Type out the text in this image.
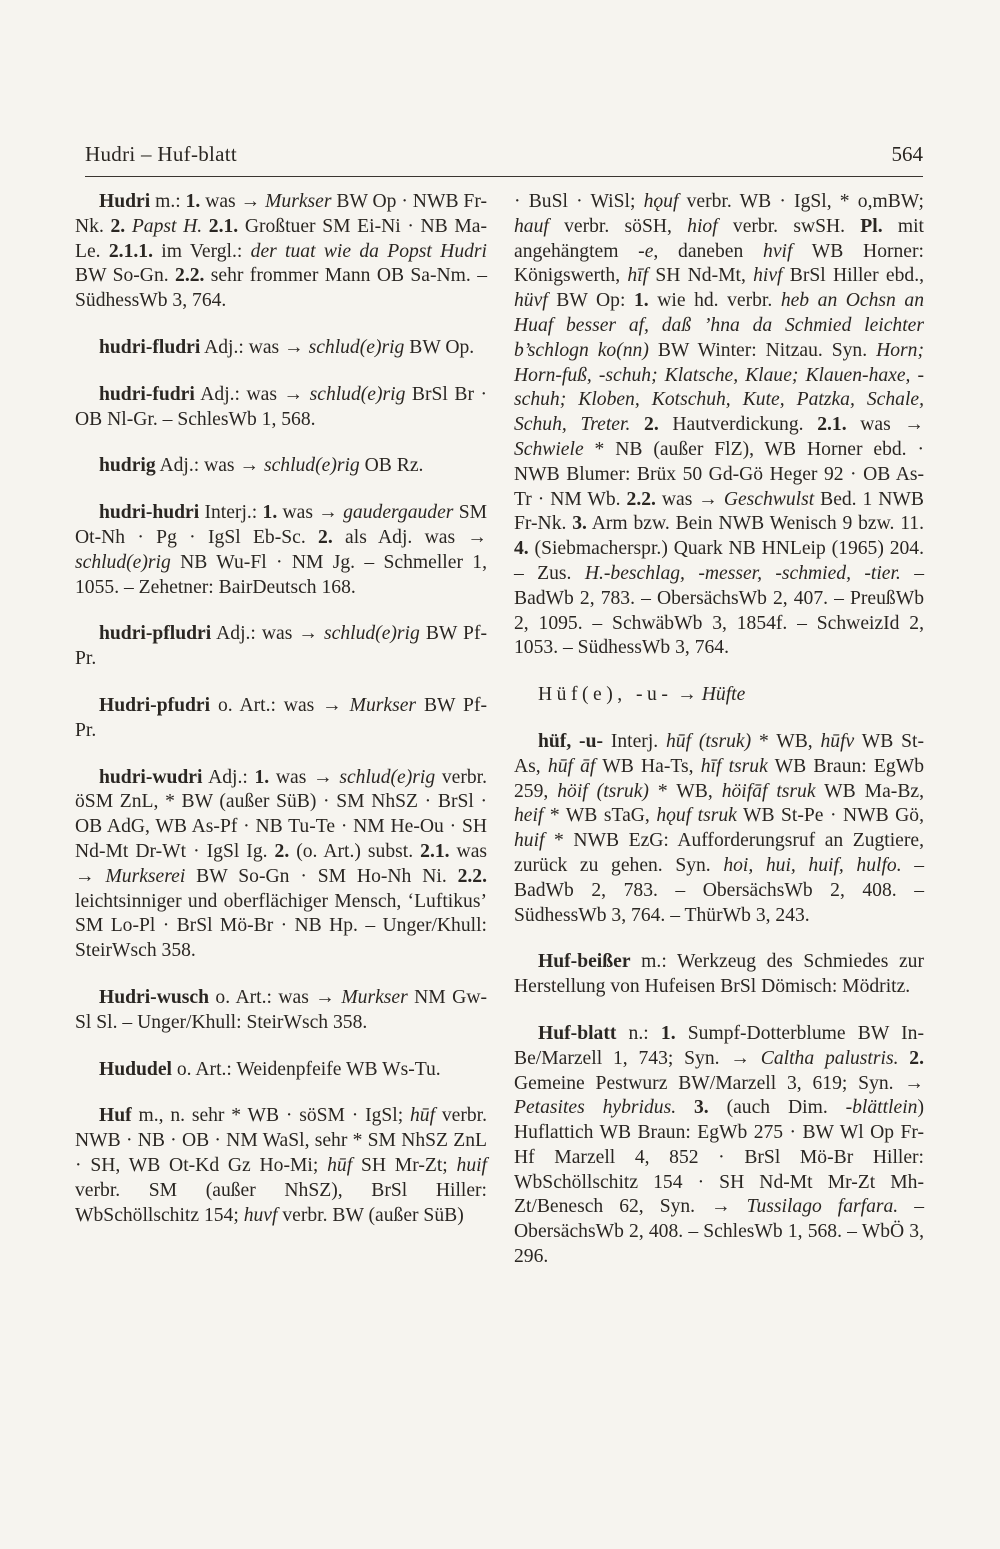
Hudri – Huf-blatt	564

Hudri m.: 1. was → Murkser BW Op · NWB Fr-Nk. 2. Papst H. 2.1. Großtuer SM Ei-Ni · NB Ma-Le. 2.1.1. im Vergl.: der tuat wie da Popst Hudri BW So-Gn. 2.2. sehr frommer Mann OB Sa-Nm. – SüdhessWb 3, 764.

hudri-fludri Adj.: was → schlud(e)rig BW Op.

hudri-fudri Adj.: was → schlud(e)rig BrSl Br · OB Nl-Gr. – SchlesWb 1, 568.

hudrig Adj.: was → schlud(e)rig OB Rz.

hudri-hudri Interj.: 1. was → gaudergauder SM Ot-Nh · Pg · IgSl Eb-Sc. 2. als Adj. was → schlud(e)rig NB Wu-Fl · NM Jg. – Schmeller 1, 1055. – Zehetner: BairDeutsch 168.

hudri-pfludri Adj.: was → schlud(e)rig BW Pf-Pr.

Hudri-pfudri o. Art.: was → Murkser BW Pf-Pr.

hudri-wudri Adj.: 1. was → schlud(e)rig verbr. öSM ZnL, * BW (außer SüB) · SM NhSZ · BrSl · OB AdG, WB As-Pf · NB Tu-Te · NM He-Ou · SH Nd-Mt Dr-Wt · IgSl Ig. 2. (o. Art.) subst. 2.1. was → Murkserei BW So-Gn · SM Ho-Nh Ni. 2.2. leichtsinniger und oberflächiger Mensch, ‘Luftikus’ SM Lo-Pl · BrSl Mö-Br · NB Hp. – Unger/Khull: SteirWsch 358.

Hudri-wusch o. Art.: was → Murkser NM Gw-Sl Sl. – Unger/Khull: SteirWsch 358.

Hududel o. Art.: Weidenpfeife WB Ws-Tu.

Huf m., n. sehr * WB · söSM · IgSl; hūf verbr. NWB · NB · OB · NM WaSl, sehr * SM NhSZ ZnL · SH, WB Ot-Kd Gz Ho-Mi; hūf SH Mr-Zt; huif verbr. SM (außer NhSZ), BrSl Hiller: WbSchöllschitz 154; huvf verbr. BW (außer SüB)

· BuSl · WiSl; hǫuf verbr. WB · IgSl, * o,mBW; hauf verbr. söSH, hiof verbr. swSH. Pl. mit angehängtem -e, daneben hvif WB Horner: Königswerth, hīf SH Nd-Mt, hivf BrSl Hiller ebd., hüvf BW Op: 1. wie hd. verbr. heb an Ochsn an Huaf besser af, daß ’hna da Schmied leichter b’schlogn ko(nn) BW Winter: Nitzau. Syn. Horn; Horn-fuß, -schuh; Klatsche, Klaue; Klauen-haxe, -schuh; Kloben, Kotschuh, Kute, Patzka, Schale, Schuh, Treter. 2. Hautverdickung. 2.1. was → Schwiele * NB (außer FlZ), WB Horner ebd. · NWB Blumer: Brüx 50 Gd-Gö Heger 92 · OB As-Tr · NM Wb. 2.2. was → Geschwulst Bed. 1 NWB Fr-Nk. 3. Arm bzw. Bein NWB Wenisch 9 bzw. 11. 4. (Siebmacherspr.) Quark NB HNLeip (1965) 204. – Zus. H.-beschlag, -messer, -schmied, -tier. – BadWb 2, 783. – ObersächsWb 2, 407. – PreußWb 2, 1095. – SchwäbWb 3, 1854f. – SchweizId 2, 1053. – SüdhessWb 3, 764.

Hüf(e), -u- → Hüfte

hüf, -u- Interj. hūf (tsruk) * WB, hūfv WB St-As, hūf āf WB Ha-Ts, hīf tsruk WB Braun: EgWb 259, höif (tsruk) * WB, höifāf tsruk WB Ma-Bz, heif * WB sTaG, hǫuf tsruk WB St-Pe · NWB Gö, huif * NWB EzG: Aufforderungsruf an Zugtiere, zurück zu gehen. Syn. hoi, hui, huif, hulfo. – BadWb 2, 783. – ObersächsWb 2, 408. – SüdhessWb 3, 764. – ThürWb 3, 243.

Huf-beißer m.: Werkzeug des Schmiedes zur Herstellung von Hufeisen BrSl Dömisch: Mödritz.

Huf-blatt n.: 1. Sumpf-Dotterblume BW In-Be/Marzell 1, 743; Syn. → Caltha palustris. 2. Gemeine Pestwurz BW/Marzell 3, 619; Syn. → Petasites hybridus. 3. (auch Dim. -blättlein) Huflattich WB Braun: EgWb 275 · BW Wl Op Fr-Hf Marzell 4, 852 · BrSl Mö-Br Hiller: WbSchöllschitz 154 · SH Nd-Mt Mr-Zt Mh-Zt/Benesch 62, Syn. → Tussilago farfara. – ObersächsWb 2, 408. – SchlesWb 1, 568. – WbÖ 3, 296.
